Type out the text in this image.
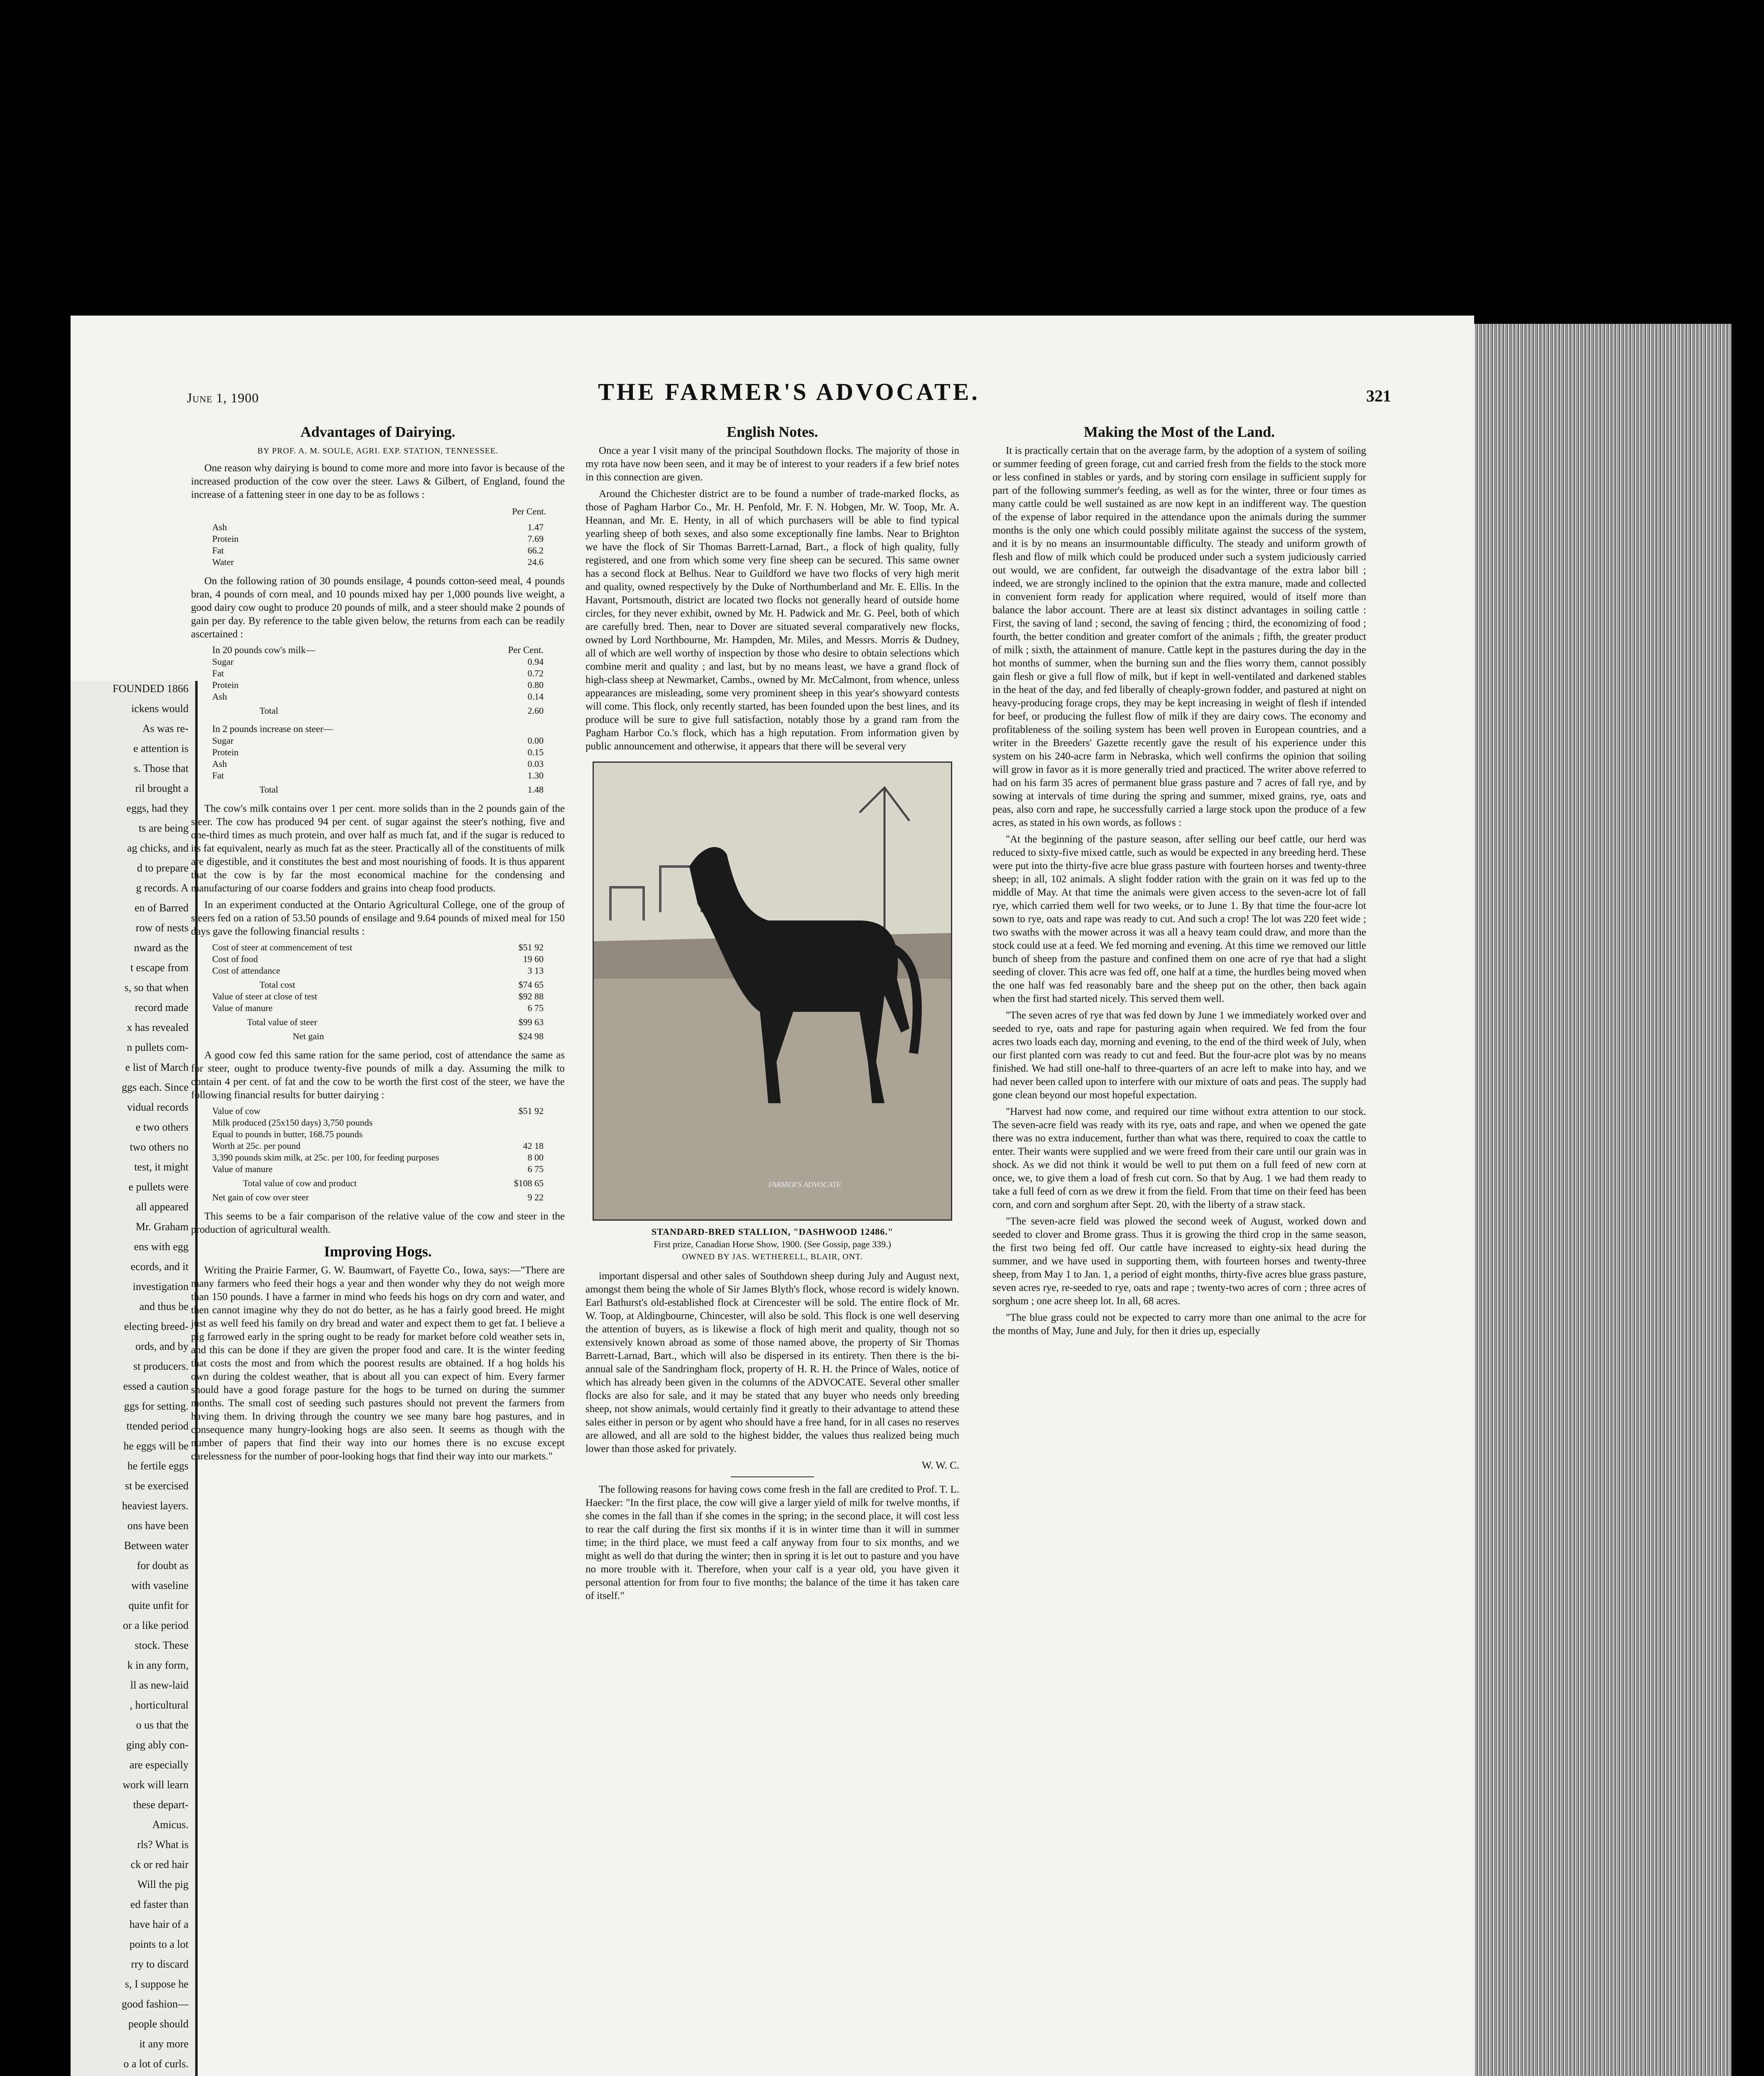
FOUNDED 1866

ickens would

As was re-

e attention is

s. Those that

ril brought a

eggs, had they

ts are being

ag chicks, and

d to prepare

g records. A

en of Barred

row of nests

nward as the

t escape from

s, so that when

record made

x has revealed

n pullets com-

e list of March

ggs each. Since

vidual records

e two others

two others no

test, it might

e pullets were

all appeared

Mr. Graham

ens with egg

ecords, and it

investigation

and thus be

electing breed-

ords, and by

st producers.

essed a caution

ggs for setting.

ttended period

he eggs will be

he fertile eggs

st be exercised

heaviest layers.

ons have been

Between water

for doubt as

with vaseline

quite unfit for

or a like period

stock. These

k in any form,

ll as new-laid

, horticultural

o us that the

ging ably con-

are especially

work will learn

these depart-

Amicus.

rls? What is

ck or red hair

Will the pig

ed faster than

have hair of a

points to a lot

rry to discard

s, I suppose he

good fashion—

people should

it any more

o a lot of curls.

June 1, 1900	THE FARMER'S ADVOCATE.	321
Advantages of Dairying.
BY PROF. A. M. SOULE, AGRI. EXP. STATION, TENNESSEE.

One reason why dairying is bound to come more and more into favor is because of the increased production of the cow over the steer. Laws & Gilbert, of England, found the increase of a fattening steer in one day to be as follows :

Per Cent.
Ash	1.47
Protein	7.69
Fat	66.2
Water	24.6

On the following ration of 30 pounds ensilage, 4 pounds cotton-seed meal, 4 pounds bran, 4 pounds of corn meal, and 10 pounds mixed hay per 1,000 pounds live weight, a good dairy cow ought to produce 20 pounds of milk, and a steer should make 2 pounds of gain per day. By reference to the table given below, the returns from each can be readily ascertained :

In 20 pounds cow's milk—	Per Cent.
Sugar	0.94
Fat	0.72
Protein	0.80
Ash	0.14
Total	2.60
In 2 pounds increase on steer—	
Sugar	0.00
Protein	0.15
Ash	0.03
Fat	1.30
Total	1.48

The cow's milk contains over 1 per cent. more solids than in the 2 pounds gain of the steer. The cow has produced 94 per cent. of sugar against the steer's nothing, five and one-third times as much protein, and over half as much fat, and if the sugar is reduced to its fat equivalent, nearly as much fat as the steer. Practically all of the constituents of milk are digestible, and it constitutes the best and most nourishing of foods. It is thus apparent that the cow is by far the most economical machine for the condensing and manufacturing of our coarse fodders and grains into cheap food products.

In an experiment conducted at the Ontario Agricultural College, one of the group of steers fed on a ration of 53.50 pounds of ensilage and 9.64 pounds of mixed meal for 150 days gave the following financial results :

Cost of steer at commencement of test	$51 92
Cost of food	19 60
Cost of attendance	3 13
Total cost	$74 65
Value of steer at close of test	$92 88
Value of manure	6 75
Total value of steer	$99 63
Net gain	$24 98

A good cow fed this same ration for the same period, cost of attendance the same as for steer, ought to produce twenty-five pounds of milk a day. Assuming the milk to contain 4 per cent. of fat and the cow to be worth the first cost of the steer, we have the following financial results for butter dairying :

Value of cow	$51 92
Milk produced (25x150 days) 3,750 pounds	
Equal to pounds in butter, 168.75 pounds	
Worth at 25c. per pound	42 18
3,390 pounds skim milk, at 25c. per 100, for feeding purposes	8 00
Value of manure	6 75
Total value of cow and product	$108 65
Net gain of cow over steer	9 22

This seems to be a fair comparison of the relative value of the cow and steer in the production of agricultural wealth.

Improving Hogs.

Writing the Prairie Farmer, G. W. Baumwart, of Fayette Co., Iowa, says:—"There are many farmers who feed their hogs a year and then wonder why they do not weigh more than 150 pounds. I have a farmer in mind who feeds his hogs on dry corn and water, and then cannot imagine why they do not do better, as he has a fairly good breed. He might just as well feed his family on dry bread and water and expect them to get fat. I believe a pig farrowed early in the spring ought to be ready for market before cold weather sets in, and this can be done if they are given the proper food and care. It is the winter feeding that costs the most and from which the poorest results are obtained. If a hog holds his own during the coldest weather, that is about all you can expect of him. Every farmer should have a good forage pasture for the hogs to be turned on during the summer months. The small cost of seeding such pastures should not prevent the farmers from having them. In driving through the country we see many bare hog pastures, and in consequence many hungry-looking hogs are also seen. It seems as though with the number of papers that find their way into our homes there is no excuse except carelessness for the number of poor-looking hogs that find their way into our markets."

English Notes.

Once a year I visit many of the principal Southdown flocks. The majority of those in my rota have now been seen, and it may be of interest to your readers if a few brief notes in this connection are given.

Around the Chichester district are to be found a number of trade-marked flocks, as those of Pagham Harbor Co., Mr. H. Penfold, Mr. F. N. Hobgen, Mr. W. Toop, Mr. A. Heannan, and Mr. E. Henty, in all of which purchasers will be able to find typical yearling sheep of both sexes, and also some exceptionally fine lambs. Near to Brighton we have the flock of Sir Thomas Barrett-Larnad, Bart., a flock of high quality, fully registered, and one from which some very fine sheep can be secured. This same owner has a second flock at Belhus. Near to Guildford we have two flocks of very high merit and quality, owned respectively by the Duke of Northumberland and Mr. E. Ellis. In the Havant, Portsmouth, district are located two flocks not generally heard of outside home circles, for they never exhibit, owned by Mr. H. Padwick and Mr. G. Peel, both of which are carefully bred. Then, near to Dover are situated several comparatively new flocks, owned by Lord Northbourne, Mr. Hampden, Mr. Miles, and Messrs. Morris & Dudney, all of which are well worthy of inspection by those who desire to obtain selections which combine merit and quality ; and last, but by no means least, we have a grand flock of high-class sheep at Newmarket, Cambs., owned by Mr. McCalmont, from whence, unless appearances are misleading, some very prominent sheep in this year's showyard contests will come. This flock, only recently started, has been founded upon the best lines, and its produce will be sure to give full satisfaction, notably those by a grand ram from the Pagham Harbor Co.'s flock, which has a high reputation. From information given by public announcement and otherwise, it appears that there will be several very

FARMER'S ADVOCATE
STANDARD-BRED STALLION, "DASHWOOD 12486."
First prize, Canadian Horse Show, 1900. (See Gossip, page 339.)
OWNED BY JAS. WETHERELL, BLAIR, ONT.

important dispersal and other sales of Southdown sheep during July and August next, amongst them being the whole of Sir James Blyth's flock, whose record is widely known. Earl Bathurst's old-established flock at Cirencester will be sold. The entire flock of Mr. W. Toop, at Aldingbourne, Chincester, will also be sold. This flock is one well deserving the attention of buyers, as is likewise a flock of high merit and quality, though not so extensively known abroad as some of those named above, the property of Sir Thomas Barrett-Larnad, Bart., which will also be dispersed in its entirety. Then there is the bi-annual sale of the Sandringham flock, property of H. R. H. the Prince of Wales, notice of which has already been given in the columns of the ADVOCATE. Several other smaller flocks are also for sale, and it may be stated that any buyer who needs only breeding sheep, not show animals, would certainly find it greatly to their advantage to attend these sales either in person or by agent who should have a free hand, for in all cases no reserves are allowed, and all are sold to the highest bidder, the values thus realized being much lower than those asked for privately.

W. W. C.

The following reasons for having cows come fresh in the fall are credited to Prof. T. L. Haecker: "In the first place, the cow will give a larger yield of milk for twelve months, if she comes in the fall than if she comes in the spring; in the second place, it will cost less to rear the calf during the first six months if it is in winter time than it will in summer time; in the third place, we must feed a calf anyway from four to six months, and we might as well do that during the winter; then in spring it is let out to pasture and you have no more trouble with it. Therefore, when your calf is a year old, you have given it personal attention for from four to five months; the balance of the time it has taken care of itself."

Making the Most of the Land.

It is practically certain that on the average farm, by the adoption of a system of soiling or summer feeding of green forage, cut and carried fresh from the fields to the stock more or less confined in stables or yards, and by storing corn ensilage in sufficient supply for part of the following summer's feeding, as well as for the winter, three or four times as many cattle could be well sustained as are now kept in an indifferent way. The question of the expense of labor required in the attendance upon the animals during the summer months is the only one which could possibly militate against the success of the system, and it is by no means an insurmountable difficulty. The steady and uniform growth of flesh and flow of milk which could be produced under such a system judiciously carried out would, we are confident, far outweigh the disadvantage of the extra labor bill ; indeed, we are strongly inclined to the opinion that the extra manure, made and collected in convenient form ready for application where required, would of itself more than balance the labor account. There are at least six distinct advantages in soiling cattle : First, the saving of land ; second, the saving of fencing ; third, the economizing of food ; fourth, the better condition and greater comfort of the animals ; fifth, the greater product of milk ; sixth, the attainment of manure. Cattle kept in the pastures during the day in the hot months of summer, when the burning sun and the flies worry them, cannot possibly gain flesh or give a full flow of milk, but if kept in well-ventilated and darkened stables in the heat of the day, and fed liberally of cheaply-grown fodder, and pastured at night on heavy-producing forage crops, they may be kept increasing in weight of flesh if intended for beef, or producing the fullest flow of milk if they are dairy cows. The economy and profitableness of the soiling system has been well proven in European countries, and a writer in the Breeders' Gazette recently gave the result of his experience under this system on his 240-acre farm in Nebraska, which well confirms the opinion that soiling will grow in favor as it is more generally tried and practiced. The writer above referred to had on his farm 35 acres of permanent blue grass pasture and 7 acres of fall rye, and by sowing at intervals of time during the spring and summer, mixed grains, rye, oats and peas, also corn and rape, he successfully carried a large stock upon the produce of a few acres, as stated in his own words, as follows :

"At the beginning of the pasture season, after selling our beef cattle, our herd was reduced to sixty-five mixed cattle, such as would be expected in any breeding herd. These were put into the thirty-five acre blue grass pasture with fourteen horses and twenty-three sheep; in all, 102 animals. A slight fodder ration with the grain on it was fed up to the middle of May. At that time the animals were given access to the seven-acre lot of fall rye, which carried them well for two weeks, or to June 1. By that time the four-acre lot sown to rye, oats and rape was ready to cut. And such a crop! The lot was 220 feet wide ; two swaths with the mower across it was all a heavy team could draw, and more than the stock could use at a feed. We fed morning and evening. At this time we removed our little bunch of sheep from the pasture and confined them on one acre of rye that had a slight seeding of clover. This acre was fed off, one half at a time, the hurdles being moved when the one half was fed reasonably bare and the sheep put on the other, then back again when the first had started nicely. This served them well.

"The seven acres of rye that was fed down by June 1 we immediately worked over and seeded to rye, oats and rape for pasturing again when required. We fed from the four acres two loads each day, morning and evening, to the end of the third week of July, when our first planted corn was ready to cut and feed. But the four-acre plot was by no means finished. We had still one-half to three-quarters of an acre left to make into hay, and we had never been called upon to interfere with our mixture of oats and peas. The supply had gone clean beyond our most hopeful expectation.

"Harvest had now come, and required our time without extra attention to our stock. The seven-acre field was ready with its rye, oats and rape, and when we opened the gate there was no extra inducement, further than what was there, required to coax the cattle to enter. Their wants were supplied and we were freed from their care until our grain was in shock. As we did not think it would be well to put them on a full feed of new corn at once, we, to give them a load of fresh cut corn. So that by Aug. 1 we had them ready to take a full feed of corn as we drew it from the field. From that time on their feed has been corn, and corn and sorghum after Sept. 20, with the liberty of a straw stack.

"The seven-acre field was plowed the second week of August, worked down and seeded to clover and Brome grass. Thus it is growing the third crop in the same season, the first two being fed off. Our cattle have increased to eighty-six head during the summer, and we have used in supporting them, with fourteen horses and twenty-three sheep, from May 1 to Jan. 1, a period of eight months, thirty-five acres blue grass pasture, seven acres rye, re-seeded to rye, oats and rape ; twenty-two acres of corn ; three acres of sorghum ; one acre sheep lot. In all, 68 acres.

"The blue grass could not be expected to carry more than one animal to the acre for the months of May, June and July, for then it dries up, especially
